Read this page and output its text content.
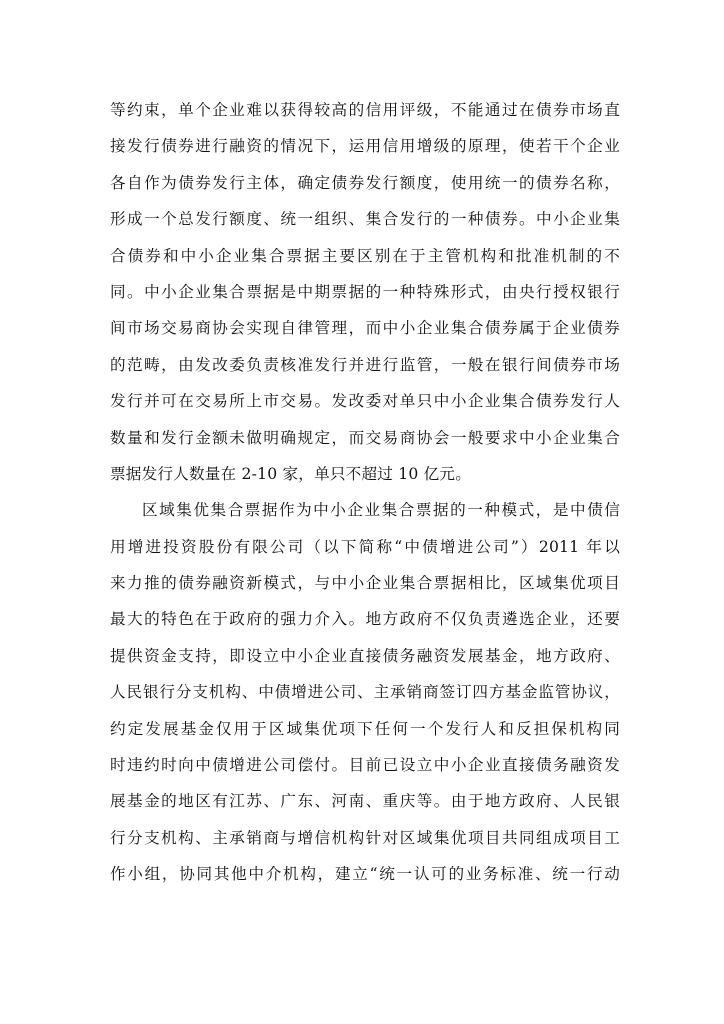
等约束，单个企业难以获得较高的信用评级，不能通过在债券市场直
接发行债券进行融资的情况下，运用信用增级的原理，使若干个企业
各自作为债券发行主体，确定债券发行额度，使用统一的债券名称，
形成一个总发行额度、统一组织、集合发行的一种债券。中小企业集
合债券和中小企业集合票据主要区别在于主管机构和批准机制的不
同。中小企业集合票据是中期票据的一种特殊形式，由央行授权银行
间市场交易商协会实现自律管理，而中小企业集合债券属于企业债券
的范畴，由发改委负责核准发行并进行监管，一般在银行间债券市场
发行并可在交易所上市交易。发改委对单只中小企业集合债券发行人
数量和发行金额未做明确规定，而交易商协会一般要求中小企业集合
票据发行人数量在 2-10 家，单只不超过 10 亿元。
区域集优集合票据作为中小企业集合票据的一种模式，是中债信
用增进投资股份有限公司（以下简称“中债增进公司”）2011 年以
来力推的债券融资新模式，与中小企业集合票据相比，区域集优项目
最大的特色在于政府的强力介入。地方政府不仅负责遴选企业，还要
提供资金支持，即设立中小企业直接债务融资发展基金，地方政府、
人民银行分支机构、中债增进公司、主承销商签订四方基金监管协议，
约定发展基金仅用于区域集优项下任何一个发行人和反担保机构同
时违约时向中债增进公司偿付。目前已设立中小企业直接债务融资发
展基金的地区有江苏、广东、河南、重庆等。由于地方政府、人民银
行分支机构、主承销商与增信机构针对区域集优项目共同组成项目工
作小组，协同其他中介机构，建立“统一认可的业务标准、统一行动
